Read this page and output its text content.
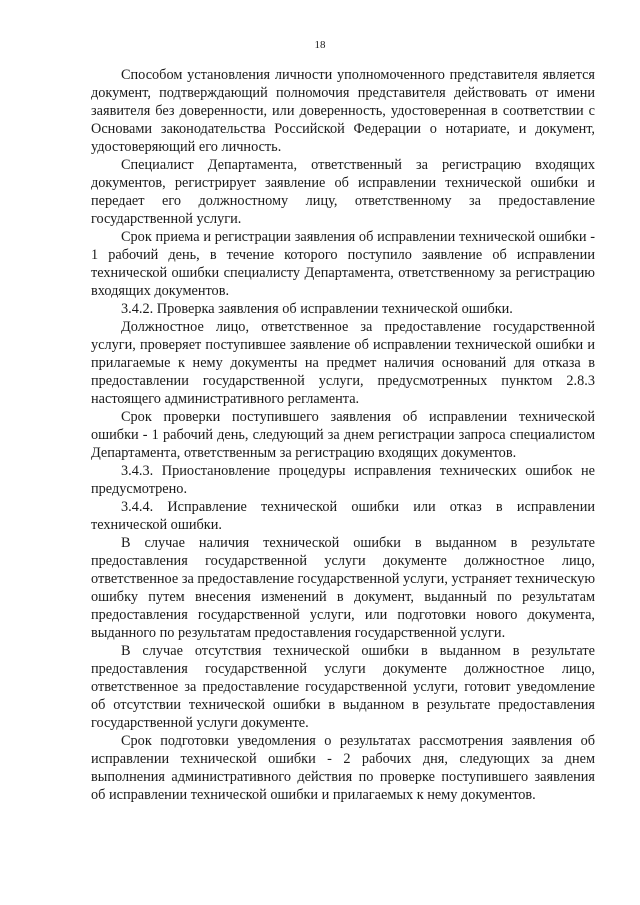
18

Способом установления личности уполномоченного представителя является документ, подтверждающий полномочия представителя действовать от имени заявителя без доверенности, или доверенность, удостоверенная в соответствии с Основами законодательства Российской Федерации о нотариате, и документ, удостоверяющий его личность.

Специалист Департамента, ответственный за регистрацию входящих документов, регистрирует заявление об исправлении технической ошибки и передает его должностному лицу, ответственному за предоставление государственной услуги.

Срок приема и регистрации заявления об исправлении технической ошибки - 1 рабочий день, в течение которого поступило заявление об исправлении технической ошибки специалисту Департамента, ответственному за регистрацию входящих документов.

3.4.2. Проверка заявления об исправлении технической ошибки.

Должностное лицо, ответственное за предоставление государственной услуги, проверяет поступившее заявление об исправлении технической ошибки и прилагаемые к нему документы на предмет наличия оснований для отказа в предоставлении государственной услуги, предусмотренных пунктом 2.8.3 настоящего административного регламента.

Срок проверки поступившего заявления об исправлении технической ошибки - 1 рабочий день, следующий за днем регистрации запроса специалистом Департамента, ответственным за регистрацию входящих документов.

3.4.3. Приостановление процедуры исправления технических ошибок не предусмотрено.

3.4.4. Исправление технической ошибки или отказ в исправлении технической ошибки.

В случае наличия технической ошибки в выданном в результате предоставления государственной услуги документе должностное лицо, ответственное за предоставление государственной услуги, устраняет техническую ошибку путем внесения изменений в документ, выданный по результатам предоставления государственной услуги, или подготовки нового документа, выданного по результатам предоставления государственной услуги.

В случае отсутствия технической ошибки в выданном в результате предоставления государственной услуги документе должностное лицо, ответственное за предоставление государственной услуги, готовит уведомление об отсутствии технической ошибки в выданном в результате предоставления государственной услуги документе.

Срок подготовки уведомления о результатах рассмотрения заявления об исправлении технической ошибки - 2 рабочих дня, следующих за днем выполнения административного действия по проверке поступившего заявления об исправлении технической ошибки и прилагаемых к нему документов.
